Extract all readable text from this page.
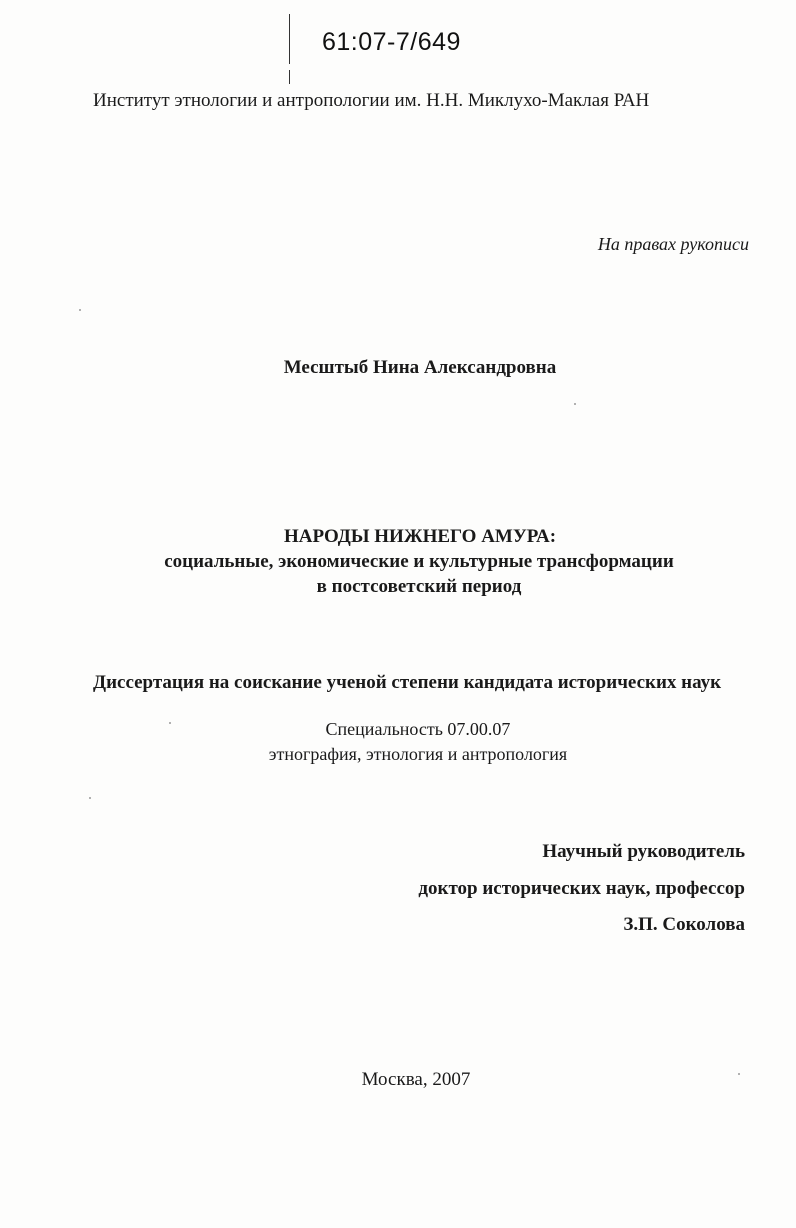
61:07-7/649
Институт этнологии и антропологии им. Н.Н. Миклухо-Маклая РАН
На правах рукописи
Месштыб Нина Александровна
НАРОДЫ НИЖНЕГО АМУРА:
социальные, экономические и культурные трансформации
в постсоветский период
Диссертация на соискание ученой степени кандидата исторических наук
Специальность 07.00.07
этнография, этнология и антропология
Научный руководитель
доктор исторических наук, профессор
З.П. Соколова
Москва, 2007
